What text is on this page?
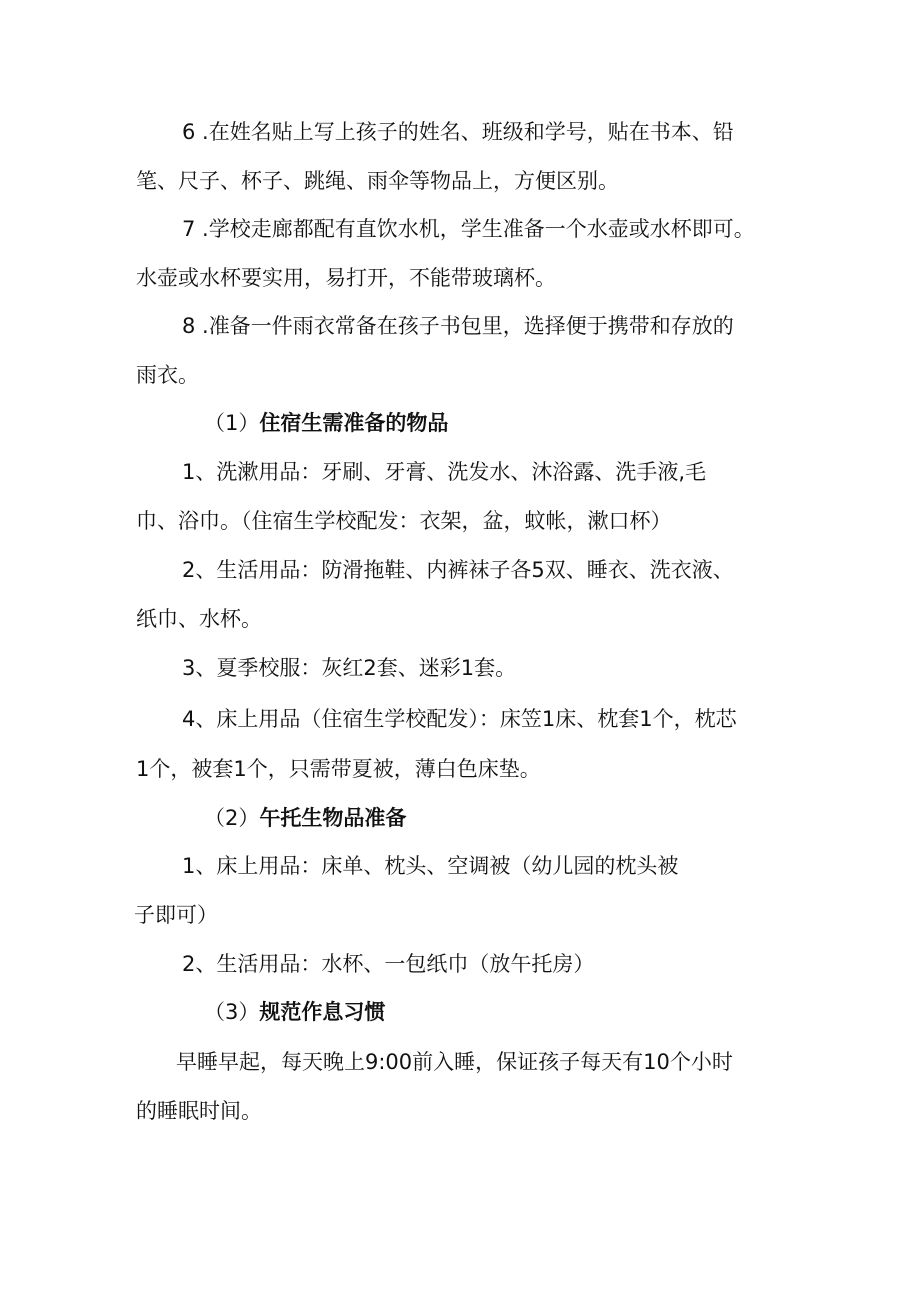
6 .在姓名贴上写上孩子的姓名、班级和学号，贴在书本、铅
笔、尺子、杯子、跳绳、雨伞等物品上，方便区别。
7 .学校走廊都配有直饮水机，学生准备一个水壶或水杯即可。
水壶或水杯要实用，易打开，不能带玻璃杯。
8 .准备一件雨衣常备在孩子书包里，选择便于携带和存放的
雨衣。
（1）住宿生需准备的物品
1、洗漱用品：牙刷、牙膏、洗发水、沐浴露、洗手液,毛
巾、浴巾。（住宿生学校配发：衣架，盆，蚊帐，漱口杯）
2、生活用品：防滑拖鞋、内裤袜子各5双、睡衣、洗衣液、
纸巾、水杯。
3、夏季校服：灰红2套、迷彩1套。
4、床上用品（住宿生学校配发）：床笠1床、枕套1个，枕芯
1个，被套1个，只需带夏被，薄白色床垫。
（2）午托生物品准备
1、床上用品：床单、枕头、空调被（幼儿园的枕头被
子即可）
2、生活用品：水杯、一包纸巾（放午托房）
（3）规范作息习惯
早睡早起，每天晚上9:00前入睡，保证孩子每天有10个小时
的睡眠时间。
